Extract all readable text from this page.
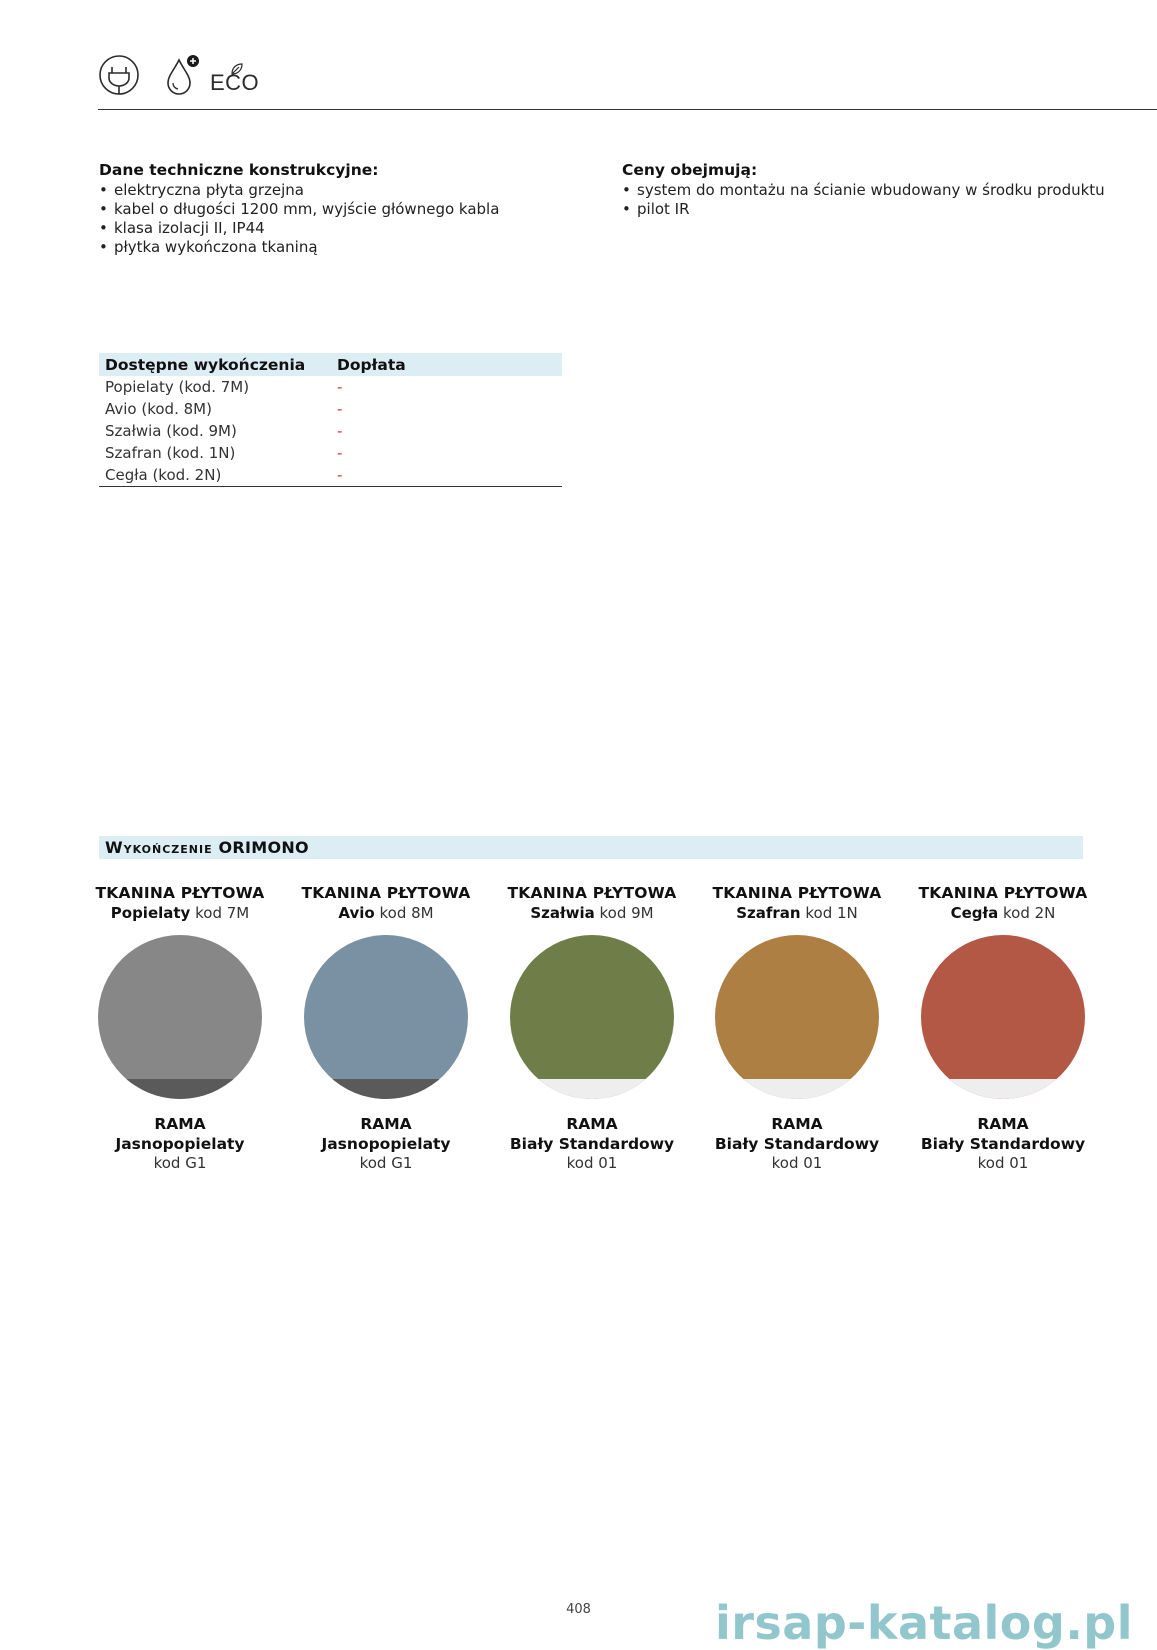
ECO
Dane techniczne konstrukcyjne:
• elektryczna płyta grzejna
• kabel o długości 1200 mm, wyjście głównego kabla
• klasa izolacji II, IP44
• płytka wykończona tkaniną
Ceny obejmują:
• system do montażu na ścianie wbudowany w środku produktu
• pilot IR
Dostępne wykończenia	Dopłata
Popielaty (kod. 7M)	-
Avio (kod. 8M)	-
Szałwia (kod. 9M)	-
Szafran (kod. 1N)	-
Cegła (kod. 2N)	-
Wykończenie ORIMONO
TKANINA PŁYTOWA
Popielaty kod 7M
RAMA
Jasnopopielaty
kod G1
TKANINA PŁYTOWA
Avio kod 8M
RAMA
Jasnopopielaty
kod G1
TKANINA PŁYTOWA
Szałwia kod 9M
RAMA
Biały Standardowy
kod 01
TKANINA PŁYTOWA
Szafran kod 1N
RAMA
Biały Standardowy
kod 01
TKANINA PŁYTOWA
Cegła kod 2N
RAMA
Biały Standardowy
kod 01
408	irsap-katalog.pl
